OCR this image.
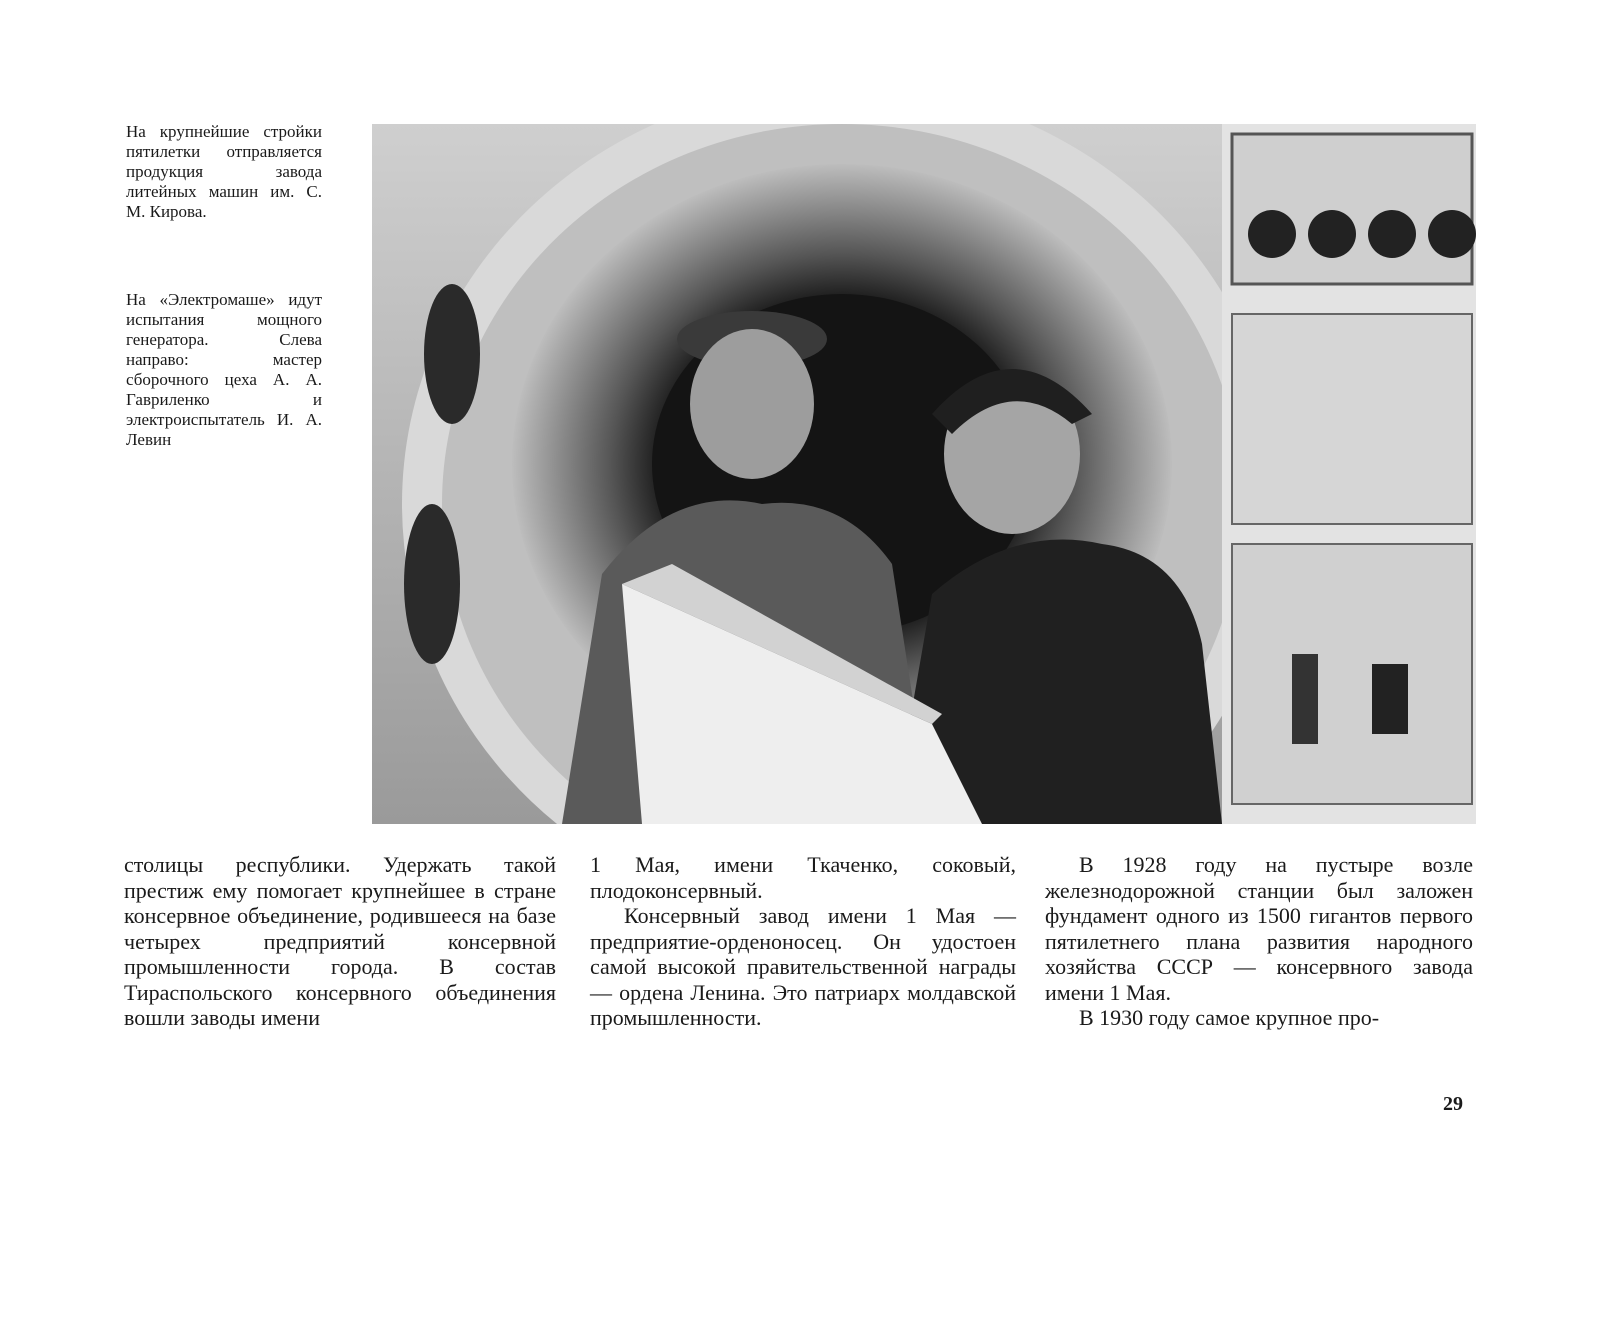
На крупнейшие стройки пятилетки отправляется продукция завода литейных машин им. С. М. Кирова.
На «Электромаше» идут испытания мощного генератора. Слева направо: мастер сборочного цеха А. А. Гавриленко и электроиспытатель И. А. Левин

столицы республики. Удержать такой престиж ему помогает крупнейшее в стране консервное объединение, родившееся на базе четырех предприятий консервной промышленности города. В состав Тираспольского консервного объединения вошли заводы имени

1 Мая, имени Ткаченко, соковый, плодоконсервный.

Консервный завод имени 1 Мая — предприятие-орденоносец. Он удостоен самой высокой правительственной награды — ордена Ленина. Это патриарх молдавской промышленности.

В 1928 году на пустыре возле железнодорожной станции был заложен фундамент одного из 1500 гигантов первого пятилетнего плана развития народного хозяйства СССР — консервного завода имени 1 Мая.

В 1930 году самое крупное про-

29
